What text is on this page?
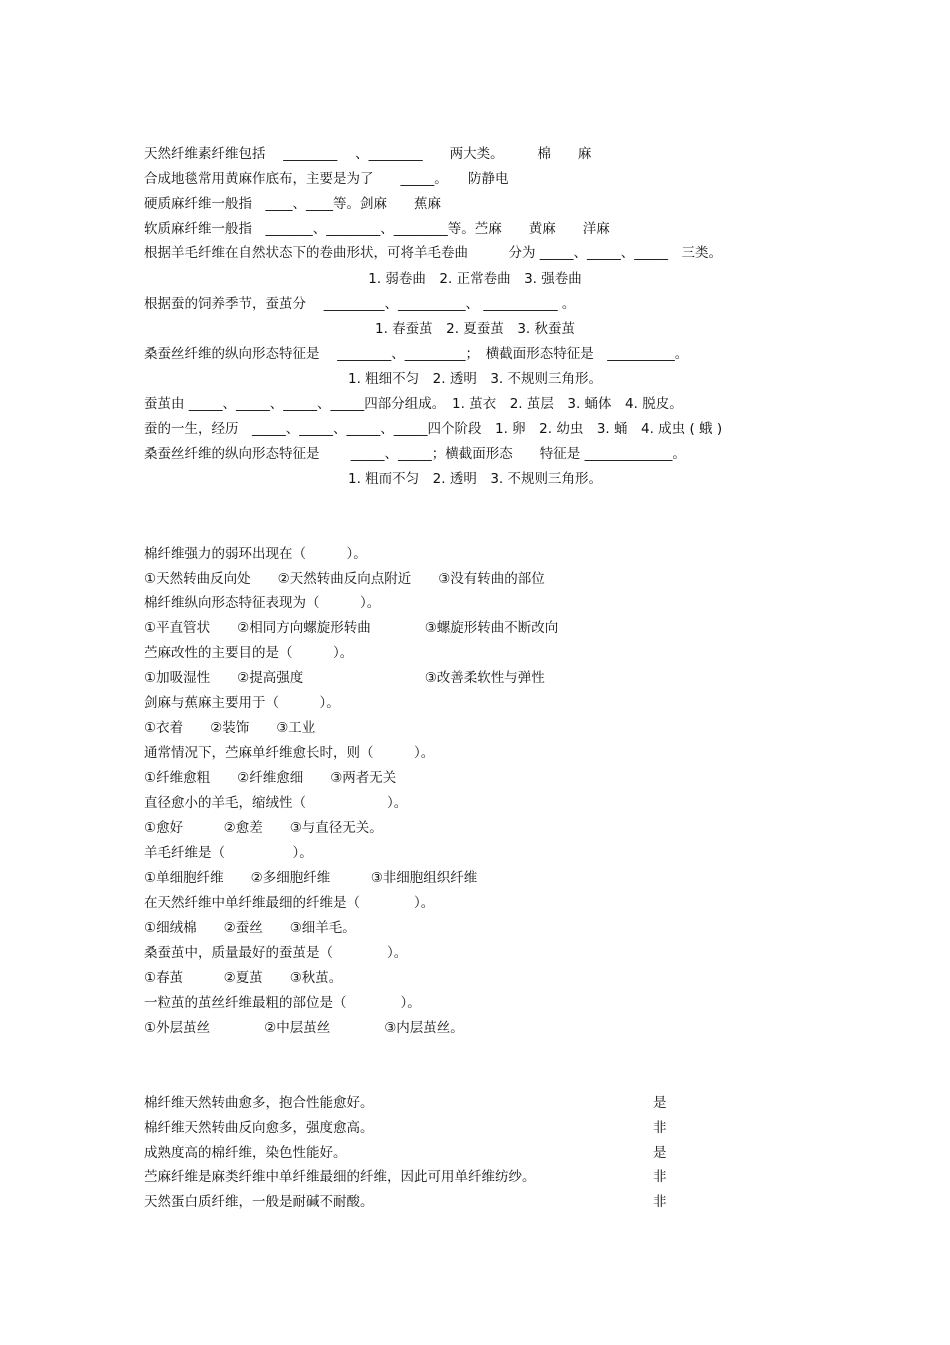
天然纤维素纤维包括　 ________　 、________　　两大类。　　　棉　　麻
合成地毯常用黄麻作底布，主要是为了　　_____。　　防静电
硬质麻纤维一般指　____、____等。剑麻　　蕉麻
软质麻纤维一般指　_______、________、________等。苎麻　　黄麻　　洋麻
根据羊毛纤维在自然状态下的卷曲形状，可将羊毛卷曲　　　分为 _____、_____、_____　三类。
1. 弱卷曲　2. 正常卷曲　3. 强卷曲
根据蚕的饲养季节，蚕茧分　 _________、__________、 ___________ 。
1. 春蚕茧　2. 夏蚕茧　3. 秋蚕茧
桑蚕丝纤维的纵向形态特征是　 ________、_________；　横截面形态特征是　__________。
1. 粗细不匀　2. 透明　3. 不规则三角形。
蚕茧由 _____、_____、_____、_____四部分组成。　1. 茧衣　2. 茧层　3. 蛹体　4. 脱皮。
蚕的一生，经历　_____、_____、_____、_____四个阶段　1. 卵　2. 幼虫　3. 蛹　4. 成虫 ( 蛾 )
桑蚕丝纤维的纵向形态特征是　　 _____、_____；横截面形态　　特征是 _____________。
1. 粗而不匀　2. 透明　3. 不规则三角形。
棉纤维强力的弱环出现在（　　　）。
①天然转曲反向处　　②天然转曲反向点附近　　③没有转曲的部位
棉纤维纵向形态特征表现为（　　　）。
①平直管状　　②相同方向螺旋形转曲　　　　③螺旋形转曲不断改向
苎麻改性的主要目的是（　　　）。
①加吸湿性　　②提高强度　　　　　　　　　③改善柔软性与弹性
剑麻与蕉麻主要用于（　　　）。
①衣着　　②装饰　　③工业
通常情况下，苎麻单纤维愈长时，则（　　　）。
①纤维愈粗　　②纤维愈细　　③两者无关
直径愈小的羊毛，缩绒性（　　　　　　）。
①愈好　　　②愈差　　③与直径无关。
羊毛纤维是（　　　　　）。
①单细胞纤维　　②多细胞纤维　　　③非细胞组织纤维
在天然纤维中单纤维最细的纤维是（　　　　）。
①细绒棉　　②蚕丝　　③细羊毛。
桑蚕茧中，质量最好的蚕茧是（　　　　）。
①春茧　　　②夏茧　　③秋茧。
一粒茧的茧丝纤维最粗的部位是（　　　　）。
①外层茧丝　　　　②中层茧丝　　　　③内层茧丝。
棉纤维天然转曲愈多，抱合性能愈好。	是
棉纤维天然转曲反向愈多，强度愈高。	非
成熟度高的棉纤维，染色性能好。	是
苎麻纤维是麻类纤维中单纤维最细的纤维，因此可用单纤维纺纱。	非
天然蛋白质纤维，一般是耐碱不耐酸。	非
